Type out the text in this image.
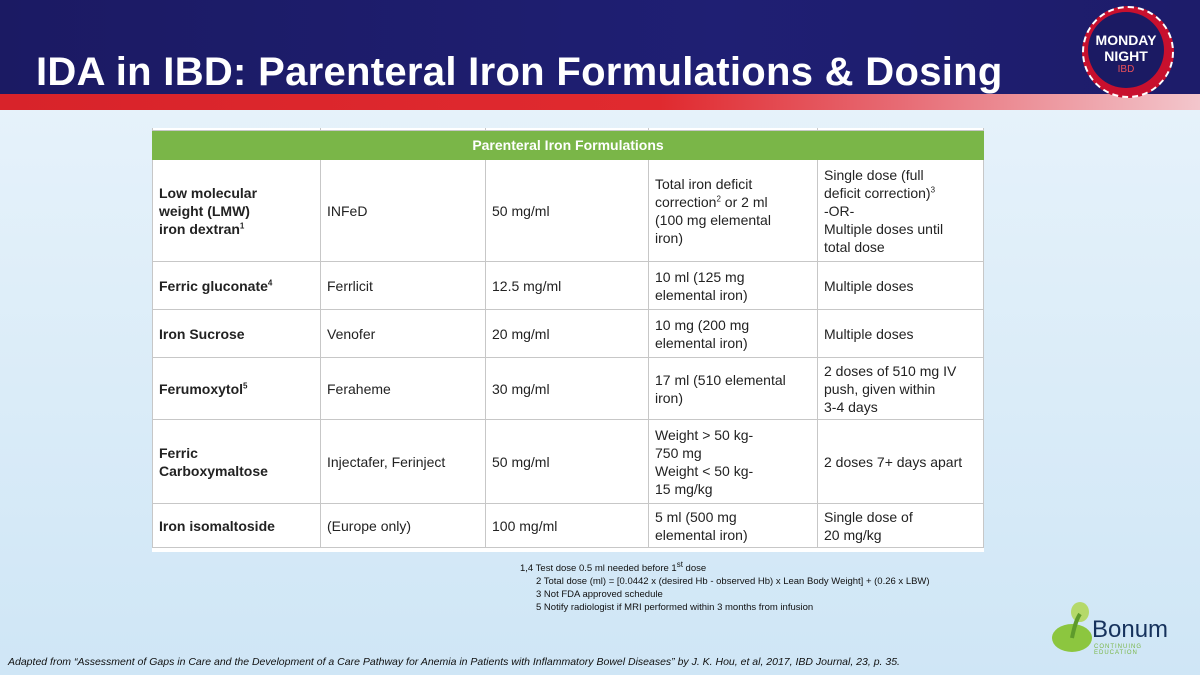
IDA in IBD: Parenteral Iron Formulations & Dosing
MONDAY
NIGHT
IBD

Parenteral Iron Formulations				
Low molecular
weight (LMW)
iron dextran$^1$	INFeD	50 mg/ml	Total iron deficit
correction$^2$ or 2 ml
(100 mg elemental
iron)	Single dose (full
deficit correction)$^3$
-OR-
Multiple doses until
total dose
Ferric gluconate$^4$	Ferrlicit	12.5 mg/ml	10 ml (125 mg
elemental iron)	Multiple doses
Iron Sucrose	Venofer	20 mg/ml	10 mg (200 mg
elemental iron)	Multiple doses
Ferumoxytol$^5$	Feraheme	30 mg/ml	17 ml (510 elemental
iron)	2 doses of 510 mg IV
push, given within
3-4 days
Ferric
Carboxymaltose	Injectafer, Ferinject	50 mg/ml	Weight > 50 kg-
750 mg
Weight < 50 kg-
15 mg/kg	2 doses 7+ days apart
Iron isomaltoside	(Europe only)	100 mg/ml	5 ml (500 mg
elemental iron)	Single dose of
20 mg/kg
1,4 Test dose 0.5 ml needed before 1st dose
2 Total dose (ml) = [0.0442 x (desired Hb - observed Hb) x Lean Body Weight] + (0.26 x LBW)
3 Not FDA approved schedule
5 Notify radiologist if MRI performed within 3 months from infusion
Adapted from “Assessment of Gaps in Care and the Development of a Care Pathway for Anemia in Patients with Inflammatory Bowel Diseases” by J. K. Hou, et al, 2017, IBD Journal, 23, p. 35.
Bonum
CONTINUING EDUCATION
